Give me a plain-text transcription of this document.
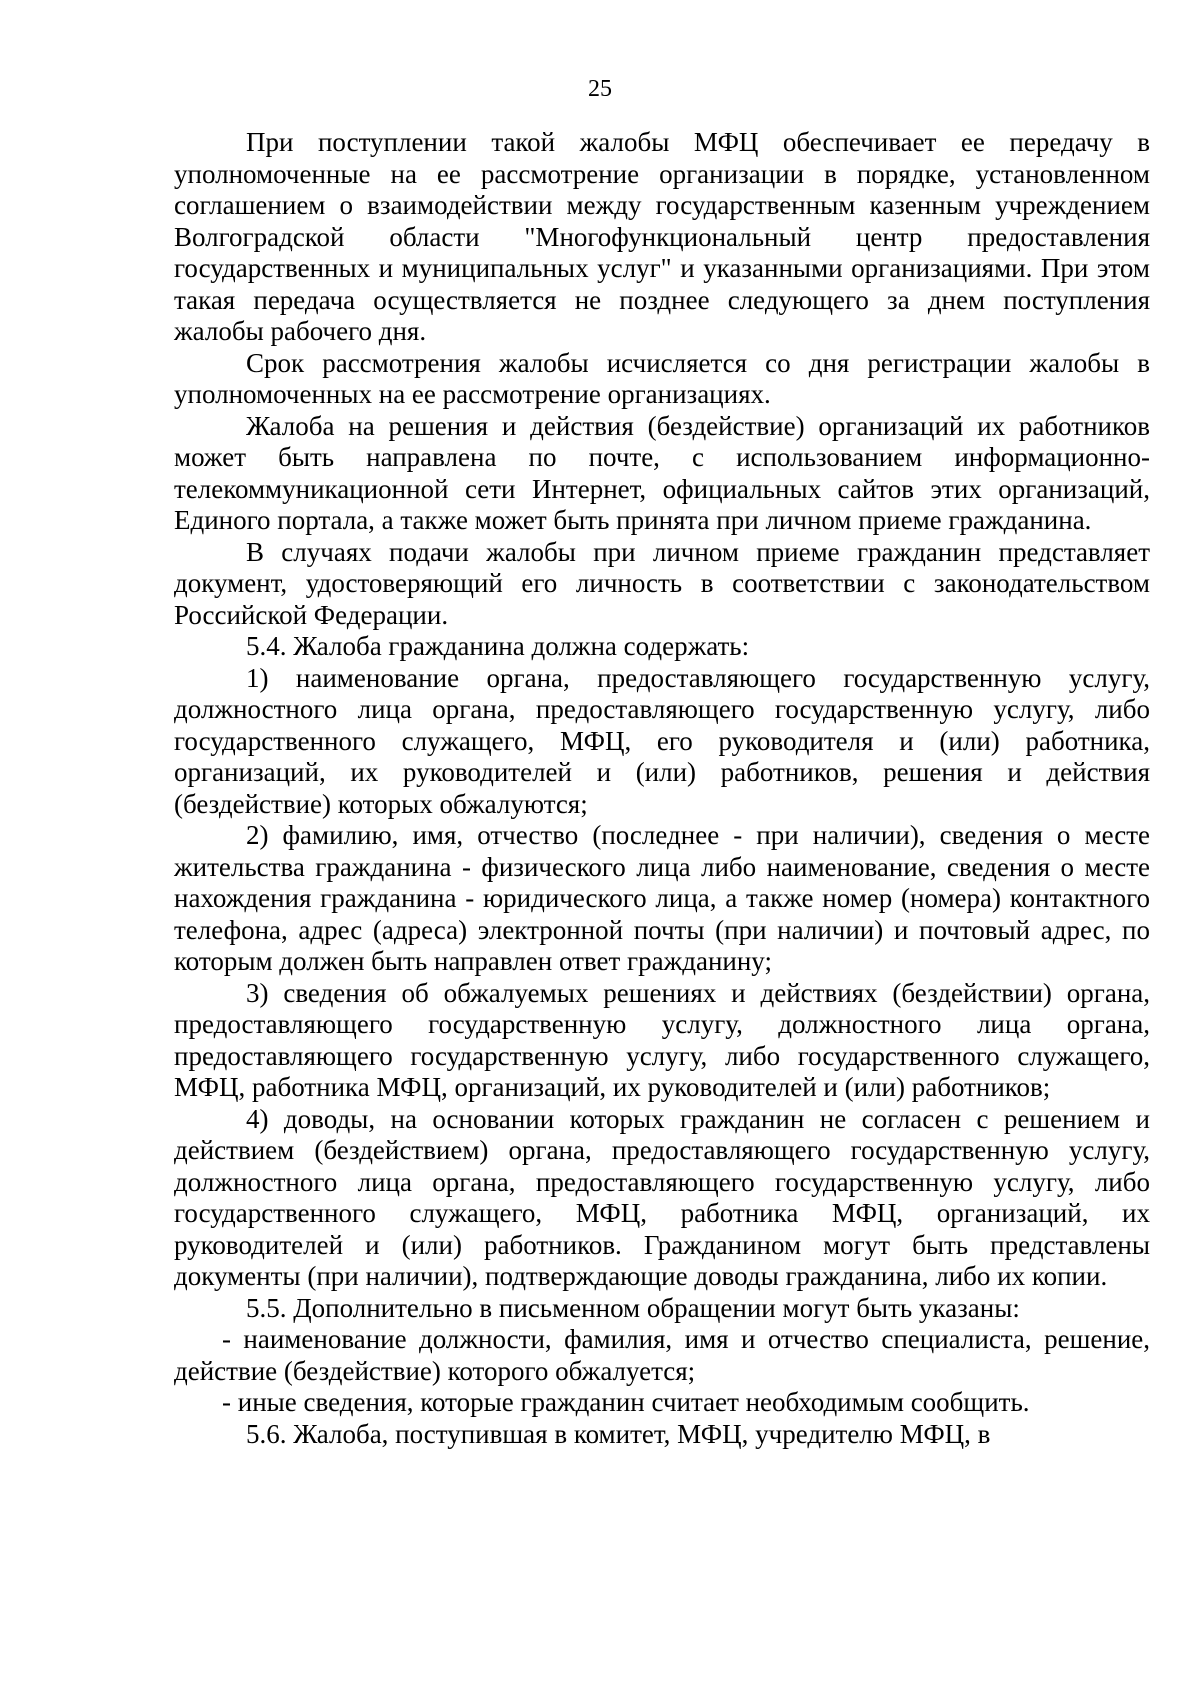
25

При поступлении такой жалобы МФЦ обеспечивает ее передачу в уполномоченные на ее рассмотрение организации в порядке, установленном соглашением о взаимодействии между государственным казенным учреждением Волгоградской области "Многофункциональный центр предоставления государственных и муниципальных услуг" и указанными организациями. При этом такая передача осуществляется не позднее следующего за днем поступления жалобы рабочего дня.

Срок рассмотрения жалобы исчисляется со дня регистрации жалобы в уполномоченных на ее рассмотрение организациях.

Жалоба на решения и действия (бездействие) организаций их работников может быть направлена по почте, с использованием информационно-телекоммуникационной сети Интернет, официальных сайтов этих организаций, Единого портала, а также может быть принята при личном приеме гражданина.

В случаях подачи жалобы при личном приеме гражданин представляет документ, удостоверяющий его личность в соответствии с законодательством Российской Федерации.

5.4. Жалоба гражданина должна содержать:

1) наименование органа, предоставляющего государственную услугу, должностного лица органа, предоставляющего государственную услугу, либо государственного служащего, МФЦ, его руководителя и (или) работника, организаций, их руководителей и (или) работников, решения и действия (бездействие) которых обжалуются;

2) фамилию, имя, отчество (последнее - при наличии), сведения о месте жительства гражданина - физического лица либо наименование, сведения о месте нахождения гражданина - юридического лица, а также номер (номера) контактного телефона, адрес (адреса) электронной почты (при наличии) и почтовый адрес, по которым должен быть направлен ответ гражданину;

3) сведения об обжалуемых решениях и действиях (бездействии) органа, предоставляющего государственную услугу, должностного лица органа, предоставляющего государственную услугу, либо государственного служащего, МФЦ, работника МФЦ, организаций, их руководителей и (или) работников;

4) доводы, на основании которых гражданин не согласен с решением и действием (бездействием) органа, предоставляющего государственную услугу, должностного лица органа, предоставляющего государственную услугу, либо государственного служащего, МФЦ, работника МФЦ, организаций, их руководителей и (или) работников. Гражданином могут быть представлены документы (при наличии), подтверждающие доводы гражданина, либо их копии.

5.5. Дополнительно в письменном обращении могут быть указаны:

- наименование должности, фамилия, имя и отчество специалиста, решение, действие (бездействие) которого обжалуется;

- иные сведения, которые гражданин считает необходимым сообщить.

5.6. Жалоба, поступившая в комитет, МФЦ, учредителю МФЦ, в
